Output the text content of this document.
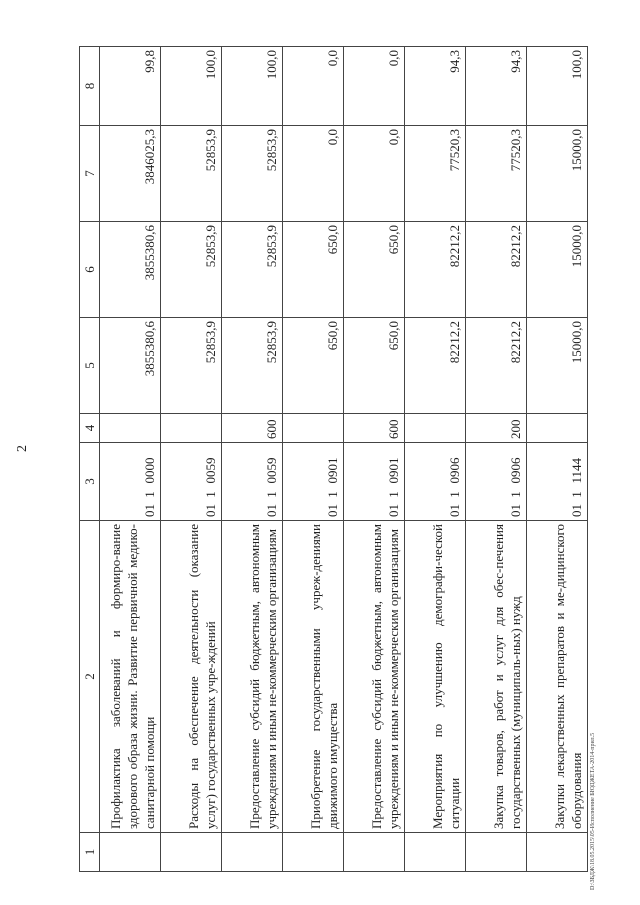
2
1	2	3			4	5	6	7	8
	Профилактика заболеваний и формиро-вание здорового образа жизни. Развитие первичной медико-санитарной помощи	01	1	0000		3855380,6	3855380,6	3846025,3	99,8
	Расходы на обеспечение деятельности (оказание услуг) государственных учре-ждений	01	1	0059		52853,9	52853,9	52853,9	100,0
	Предоставление субсидий бюджетным, автономным учреждениям и иным не-коммерческим организациям	01	1	0059	600	52853,9	52853,9	52853,9	100,0
	Приобретение государственными учреж-дениями движимого имущества	01	1	0901		650,0	650,0	0,0	0,0
	Предоставление субсидий бюджетным, автономным учреждениям и иным не-коммерческим организациям	01	1	0901	600	650,0	650,0	0,0	0,0
	Мероприятия по улучшению демографи-ческой ситуации	01	1	0906		82212,2	82212,2	77520,3	94,3
	Закупка товаров, работ и услуг для обес-печения государственных (муниципаль-ных) нужд	01	1	0906	200	82212,2	82212,2	77520,3	94,3
	Закупки лекарственных препаратов и ме-дицинского оборудования	01	1	1144		15000,0	15000,0	15000,0	100,0
D:\ЗБДЖ\18.05.2015\05-Исполнение БЮДЖЕТА-2014-прил.5
